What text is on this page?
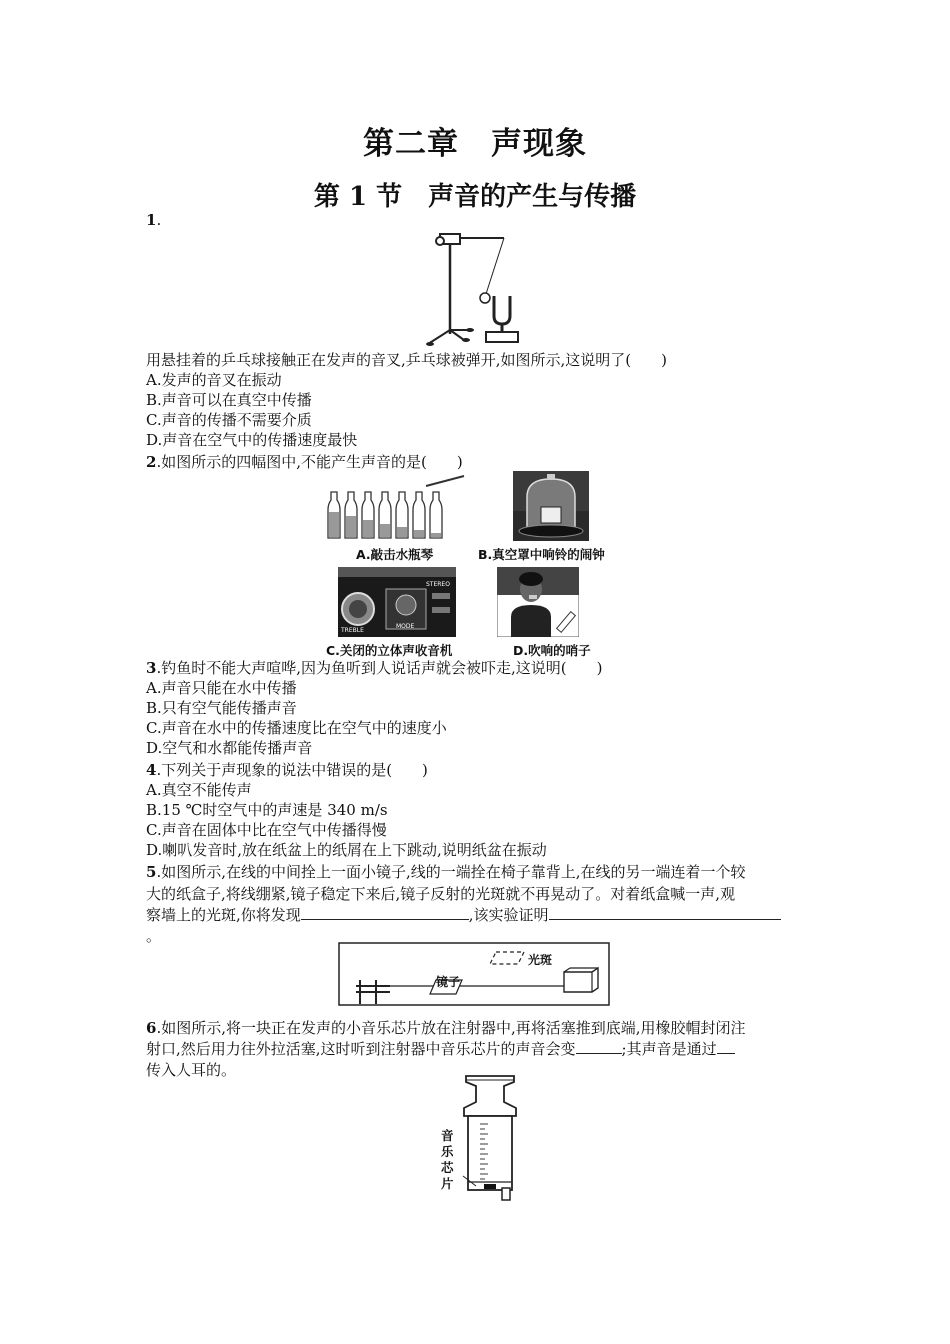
第二章　声现象
第 1 节　声音的产生与传播
1.
用悬挂着的乒乓球接触正在发声的音叉,乒乓球被弹开,如图所示,这说明了(　　)
A.发声的音叉在振动
B.声音可以在真空中传播
C.声音的传播不需要介质
D.声音在空气中的传播速度最快
2.如图所示的四幅图中,不能产生声音的是(　　)
A.敲击水瓶琴	B.真空罩中响铃的闹钟
MODE
TREBLE
STEREO
C.关闭的立体声收音机	D.吹响的哨子
3.钓鱼时不能大声喧哗,因为鱼听到人说话声就会被吓走,这说明(　　)
A.声音只能在水中传播
B.只有空气能传播声音
C.声音在水中的传播速度比在空气中的速度小
D.空气和水都能传播声音
4.下列关于声现象的说法中错误的是(　　)
A.真空不能传声
B.15 ℃时空气中的声速是 340 m/s
C.声音在固体中比在空气中传播得慢
D.喇叭发音时,放在纸盆上的纸屑在上下跳动,说明纸盆在振动
5.如图所示,在线的中间拴上一面小镜子,线的一端拴在椅子靠背上,在线的另一端连着一个较
大的纸盒子,将线绷紧,镜子稳定下来后,镜子反射的光斑就不再晃动了。对着纸盒喊一声,观
察墙上的光斑,你将发现	,该实验证明
。
光斑
镜子
6.如图所示,将一块正在发声的小音乐芯片放在注射器中,再将活塞推到底端,用橡胶帽封闭注
射口,然后用力往外拉活塞,这时听到注射器中音乐芯片的声音会变	;其声音是通过
传入人耳的。
音
乐
芯
片
